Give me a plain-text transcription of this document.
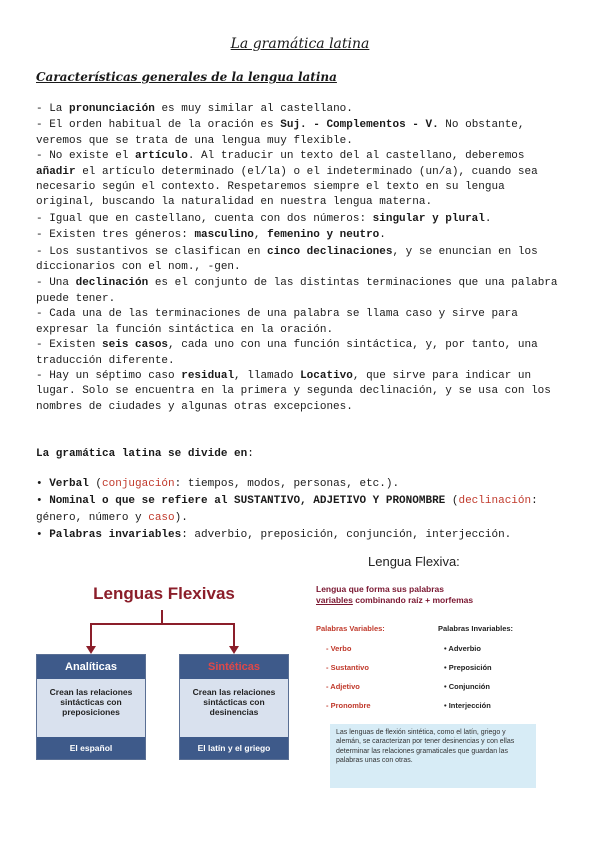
La gramática latina
Características generales de la lengua latina

- La pronunciación es muy similar al castellano.

- El orden habitual de la oración es Suj. - Complementos - V. No obstante, veremos que se trata de una lengua muy flexible.

- No existe el artículo. Al traducir un texto del al castellano, deberemos añadir el artículo determinado (el/la) o el indeterminado (un/a), cuando sea necesario según el contexto. Respetaremos siempre el texto en su lengua original, buscando la naturalidad en nuestra lengua materna.

- Igual que en castellano, cuenta con dos números: singular y plural.

- Existen tres géneros: masculino, femenino y neutro.

- Los sustantivos se clasifican en cinco declinaciones, y se enuncian en los diccionarios con el nom., -gen.

- Una declinación es el conjunto de las distintas terminaciones que una palabra puede tener.

- Cada una de las terminaciones de una palabra se llama caso y sirve para expresar la función sintáctica en la oración.

- Existen seis casos, cada uno con una función sintáctica, y, por tanto, una traducción diferente.

- Hay un séptimo caso residual, llamado Locativo, que sirve para indicar un lugar. Solo se encuentra en la primera y segunda declinación, y se usa con los nombres de ciudades y algunas otras excepciones.

La gramática latina se divide en:

• Verbal (conjugación: tiempos, modos, personas, etc.).

• Nominal o que se refiere al SUSTANTIVO, ADJETIVO Y PRONOMBRE (declinación: género, número y caso).

• Palabras invariables: adverbio, preposición, conjunción, interjección.

Lenguas Flexivas
Analíticas
Crean las relaciones sintácticas con preposiciones
El español
Sintéticas
Crean las relaciones sintácticas con desinencias
El latín y el griego
Lengua Flexiva:
Lengua que forma sus palabras
variables combinando raíz + morfemas
Palabras Variables:	Palabras Invariables:
- Verbo
- Sustantivo
- Adjetivo
- Pronombre
• Adverbio
• Preposición
• Conjunción
• Interjección
Las lenguas de flexión sintética, como el latín, griego y alemán, se caracterizan por tener desinencias y con ellas determinar las relaciones gramaticales que guardan las palabras unas con otras.
